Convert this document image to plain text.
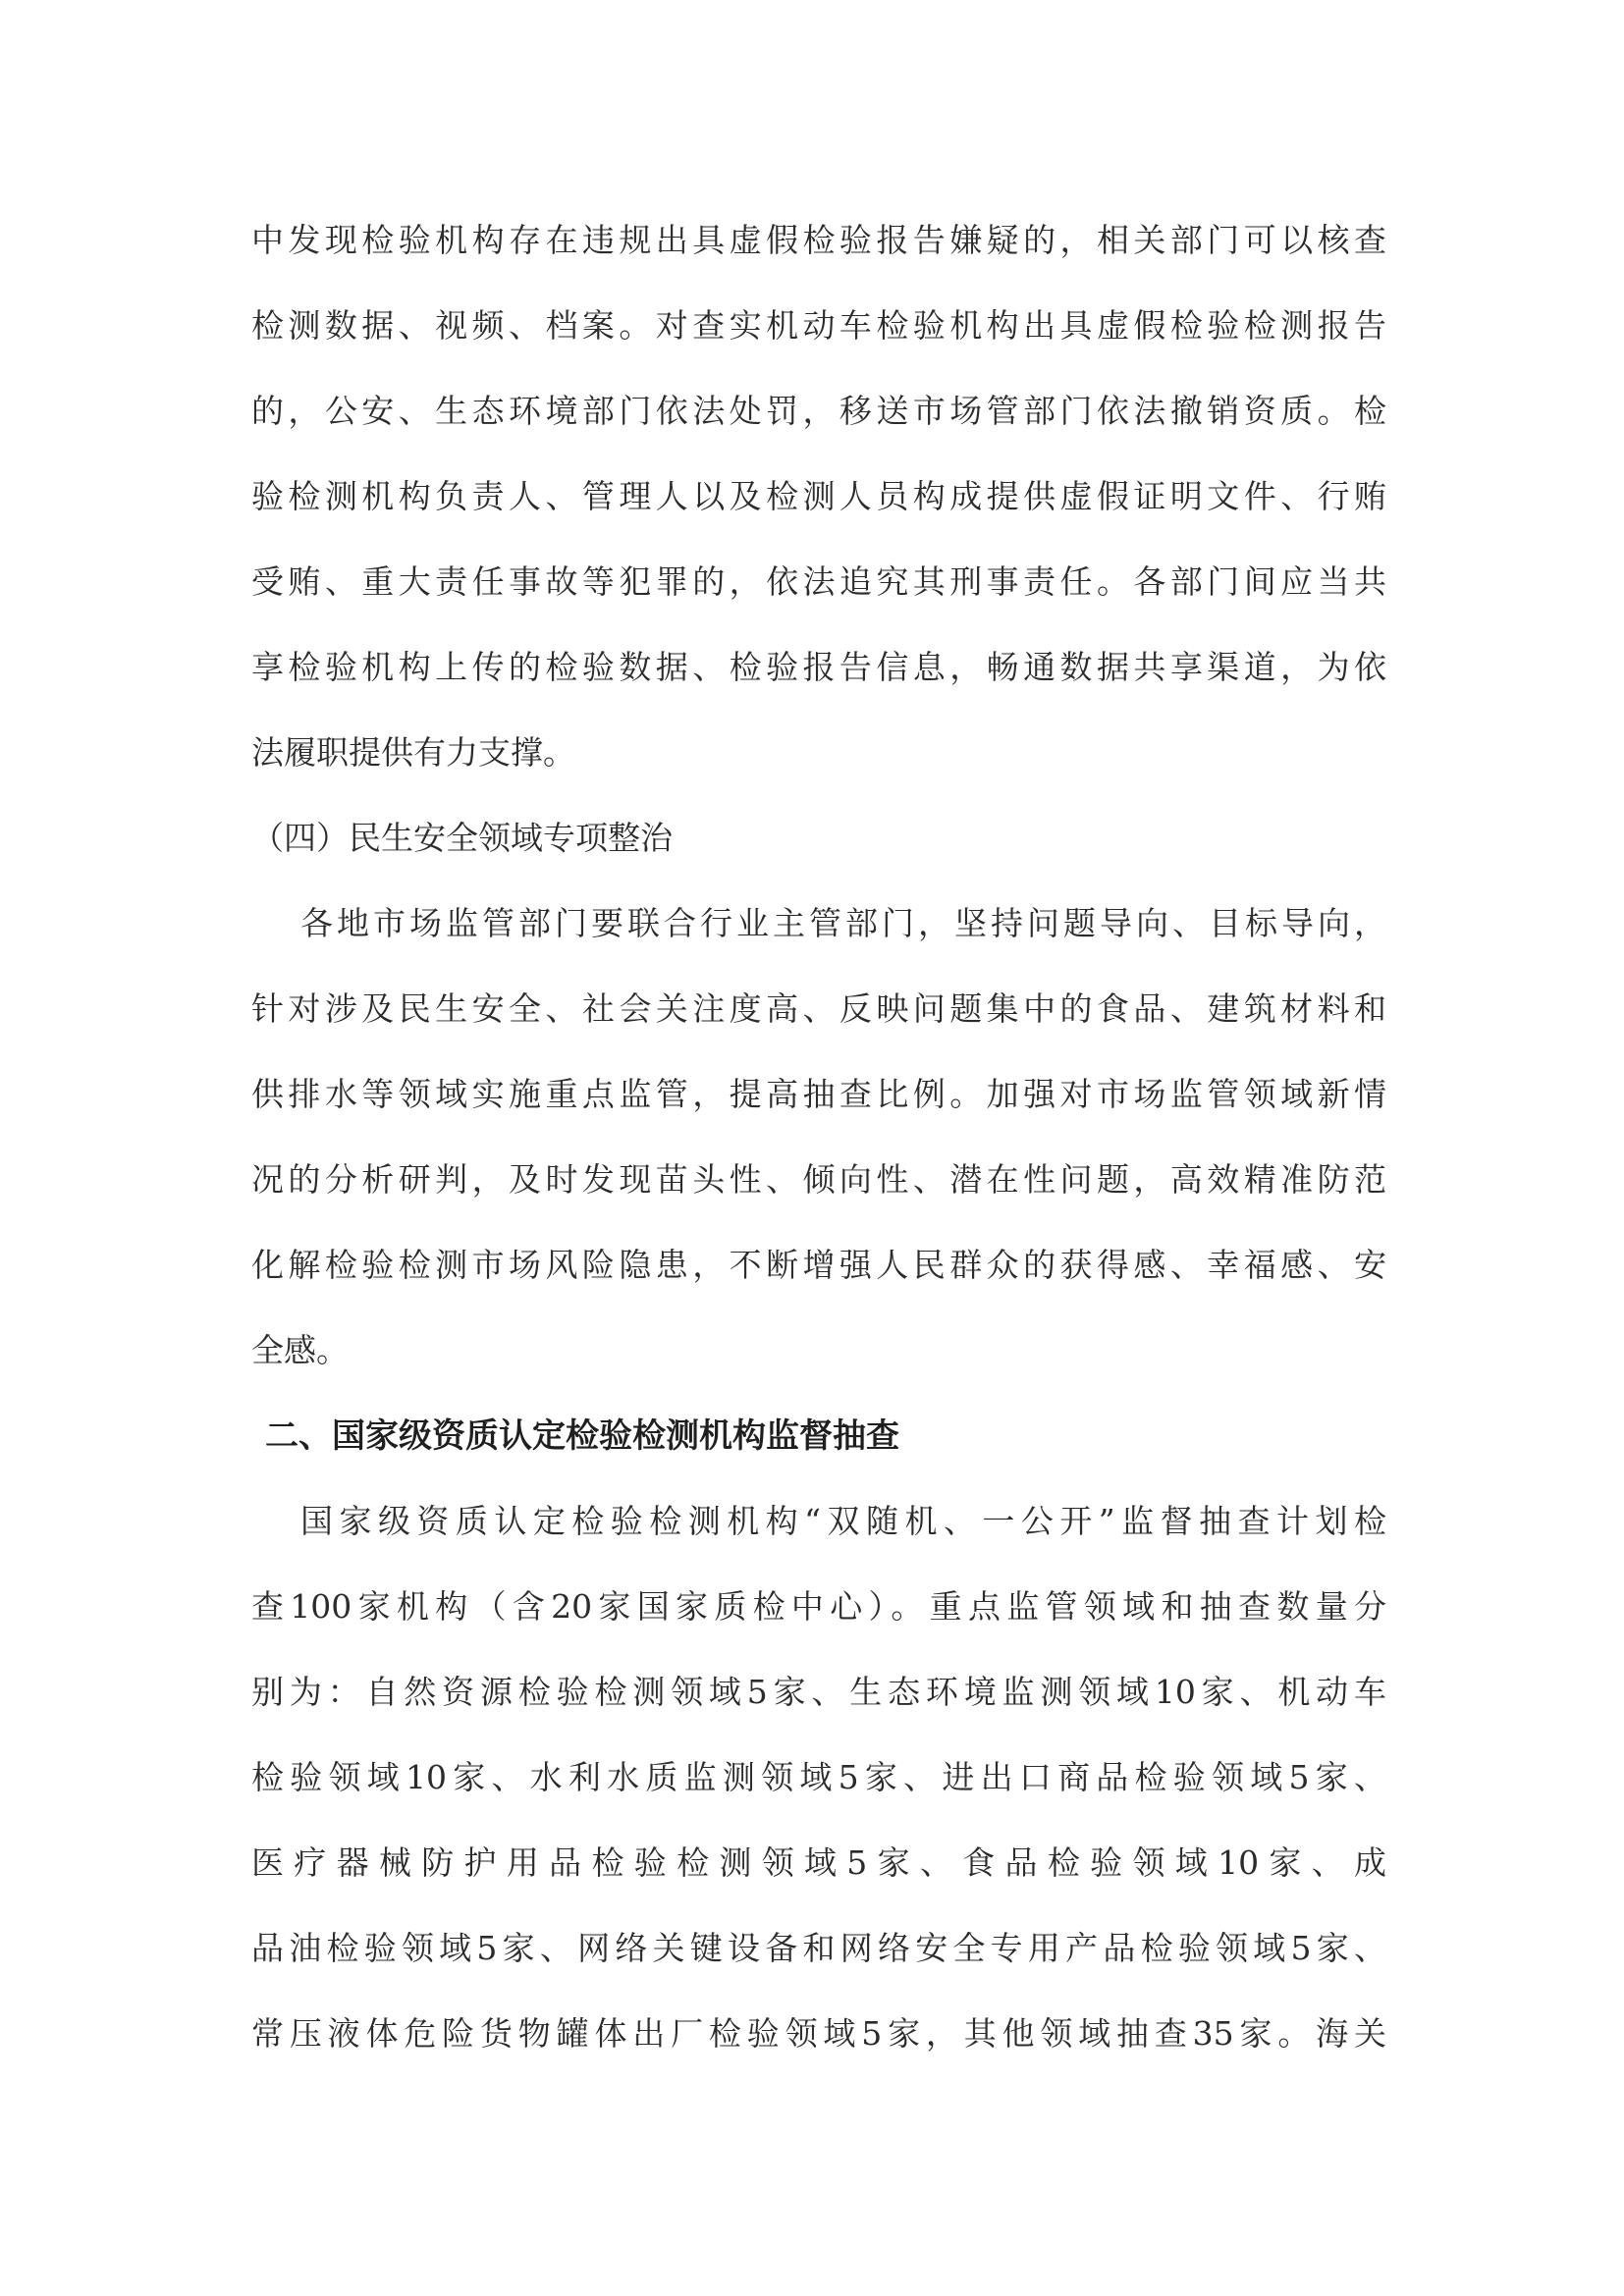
中发现检验机构存在违规出具虚假检验报告嫌疑的，相关部门可以核查
检测数据、视频、档案。对查实机动车检验机构出具虚假检验检测报告
的，公安、生态环境部门依法处罚，移送市场管部门依法撤销资质。检
验检测机构负责人、管理人以及检测人员构成提供虚假证明文件、行贿
受贿、重大责任事故等犯罪的，依法追究其刑事责任。各部门间应当共
享检验机构上传的检验数据、检验报告信息，畅通数据共享渠道，为依
法履职提供有力支撑。
（四）民生安全领域专项整治
各地市场监管部门要联合行业主管部门，坚持问题导向、目标导向，
针对涉及民生安全、社会关注度高、反映问题集中的食品、建筑材料和
供排水等领域实施重点监管，提高抽查比例。加强对市场监管领域新情
况的分析研判，及时发现苗头性、倾向性、潜在性问题，高效精准防范
化解检验检测市场风险隐患，不断增强人民群众的获得感、幸福感、安
全感。
二、国家级资质认定检验检测机构监督抽查
国家级资质认定检验检测机构“双随机、一公开”监督抽查计划检
查100家机构（含20家国家质检中心）。重点监管领域和抽查数量分
别为：自然资源检验检测领域5家、生态环境监测领域10家、机动车
检验领域10家、水利水质监测领域5家、进出口商品检验领域5家、
医疗器械防护用品检验检测领域5家、食品检验领域10家、成
品油检验领域5家、网络关键设备和网络安全专用产品检验领域5家、
常压液体危险货物罐体出厂检验领域5家，其他领域抽查35家。海关
